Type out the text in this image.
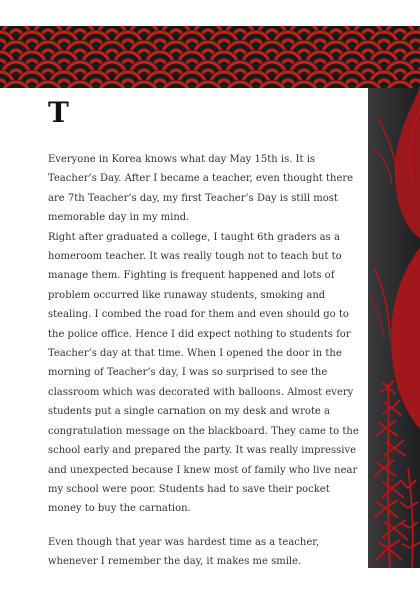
T

Everyone in Korea knows what day May 15th is. It is Teacher’s Day. After I became a teacher, even thought there are 7th Teacher’s day, my first Teacher’s Day is still most memorable day in my mind.

Right after graduated a college, I taught 6th graders as a homeroom teacher. It was really tough not to teach but to manage them. Fighting is frequent happened and lots of problem occurred like runaway students, smoking and stealing. I combed the road for them and even should go to the police office. Hence I did expect nothing to students for Teacher’s day at that time. When I opened the door in the morning of Teacher’s day, I was so surprised to see the classroom which was decorated with balloons. Almost every students put a single carnation on my desk and wrote a congratulation message on the blackboard. They came to the school early and prepared the party. It was really impressive and unexpected because I knew most of family who live near my school were poor. Students had to save their pocket money to buy the carnation.

Even though that year was hardest time as a teacher, whenever I remember the day, it makes me smile.
